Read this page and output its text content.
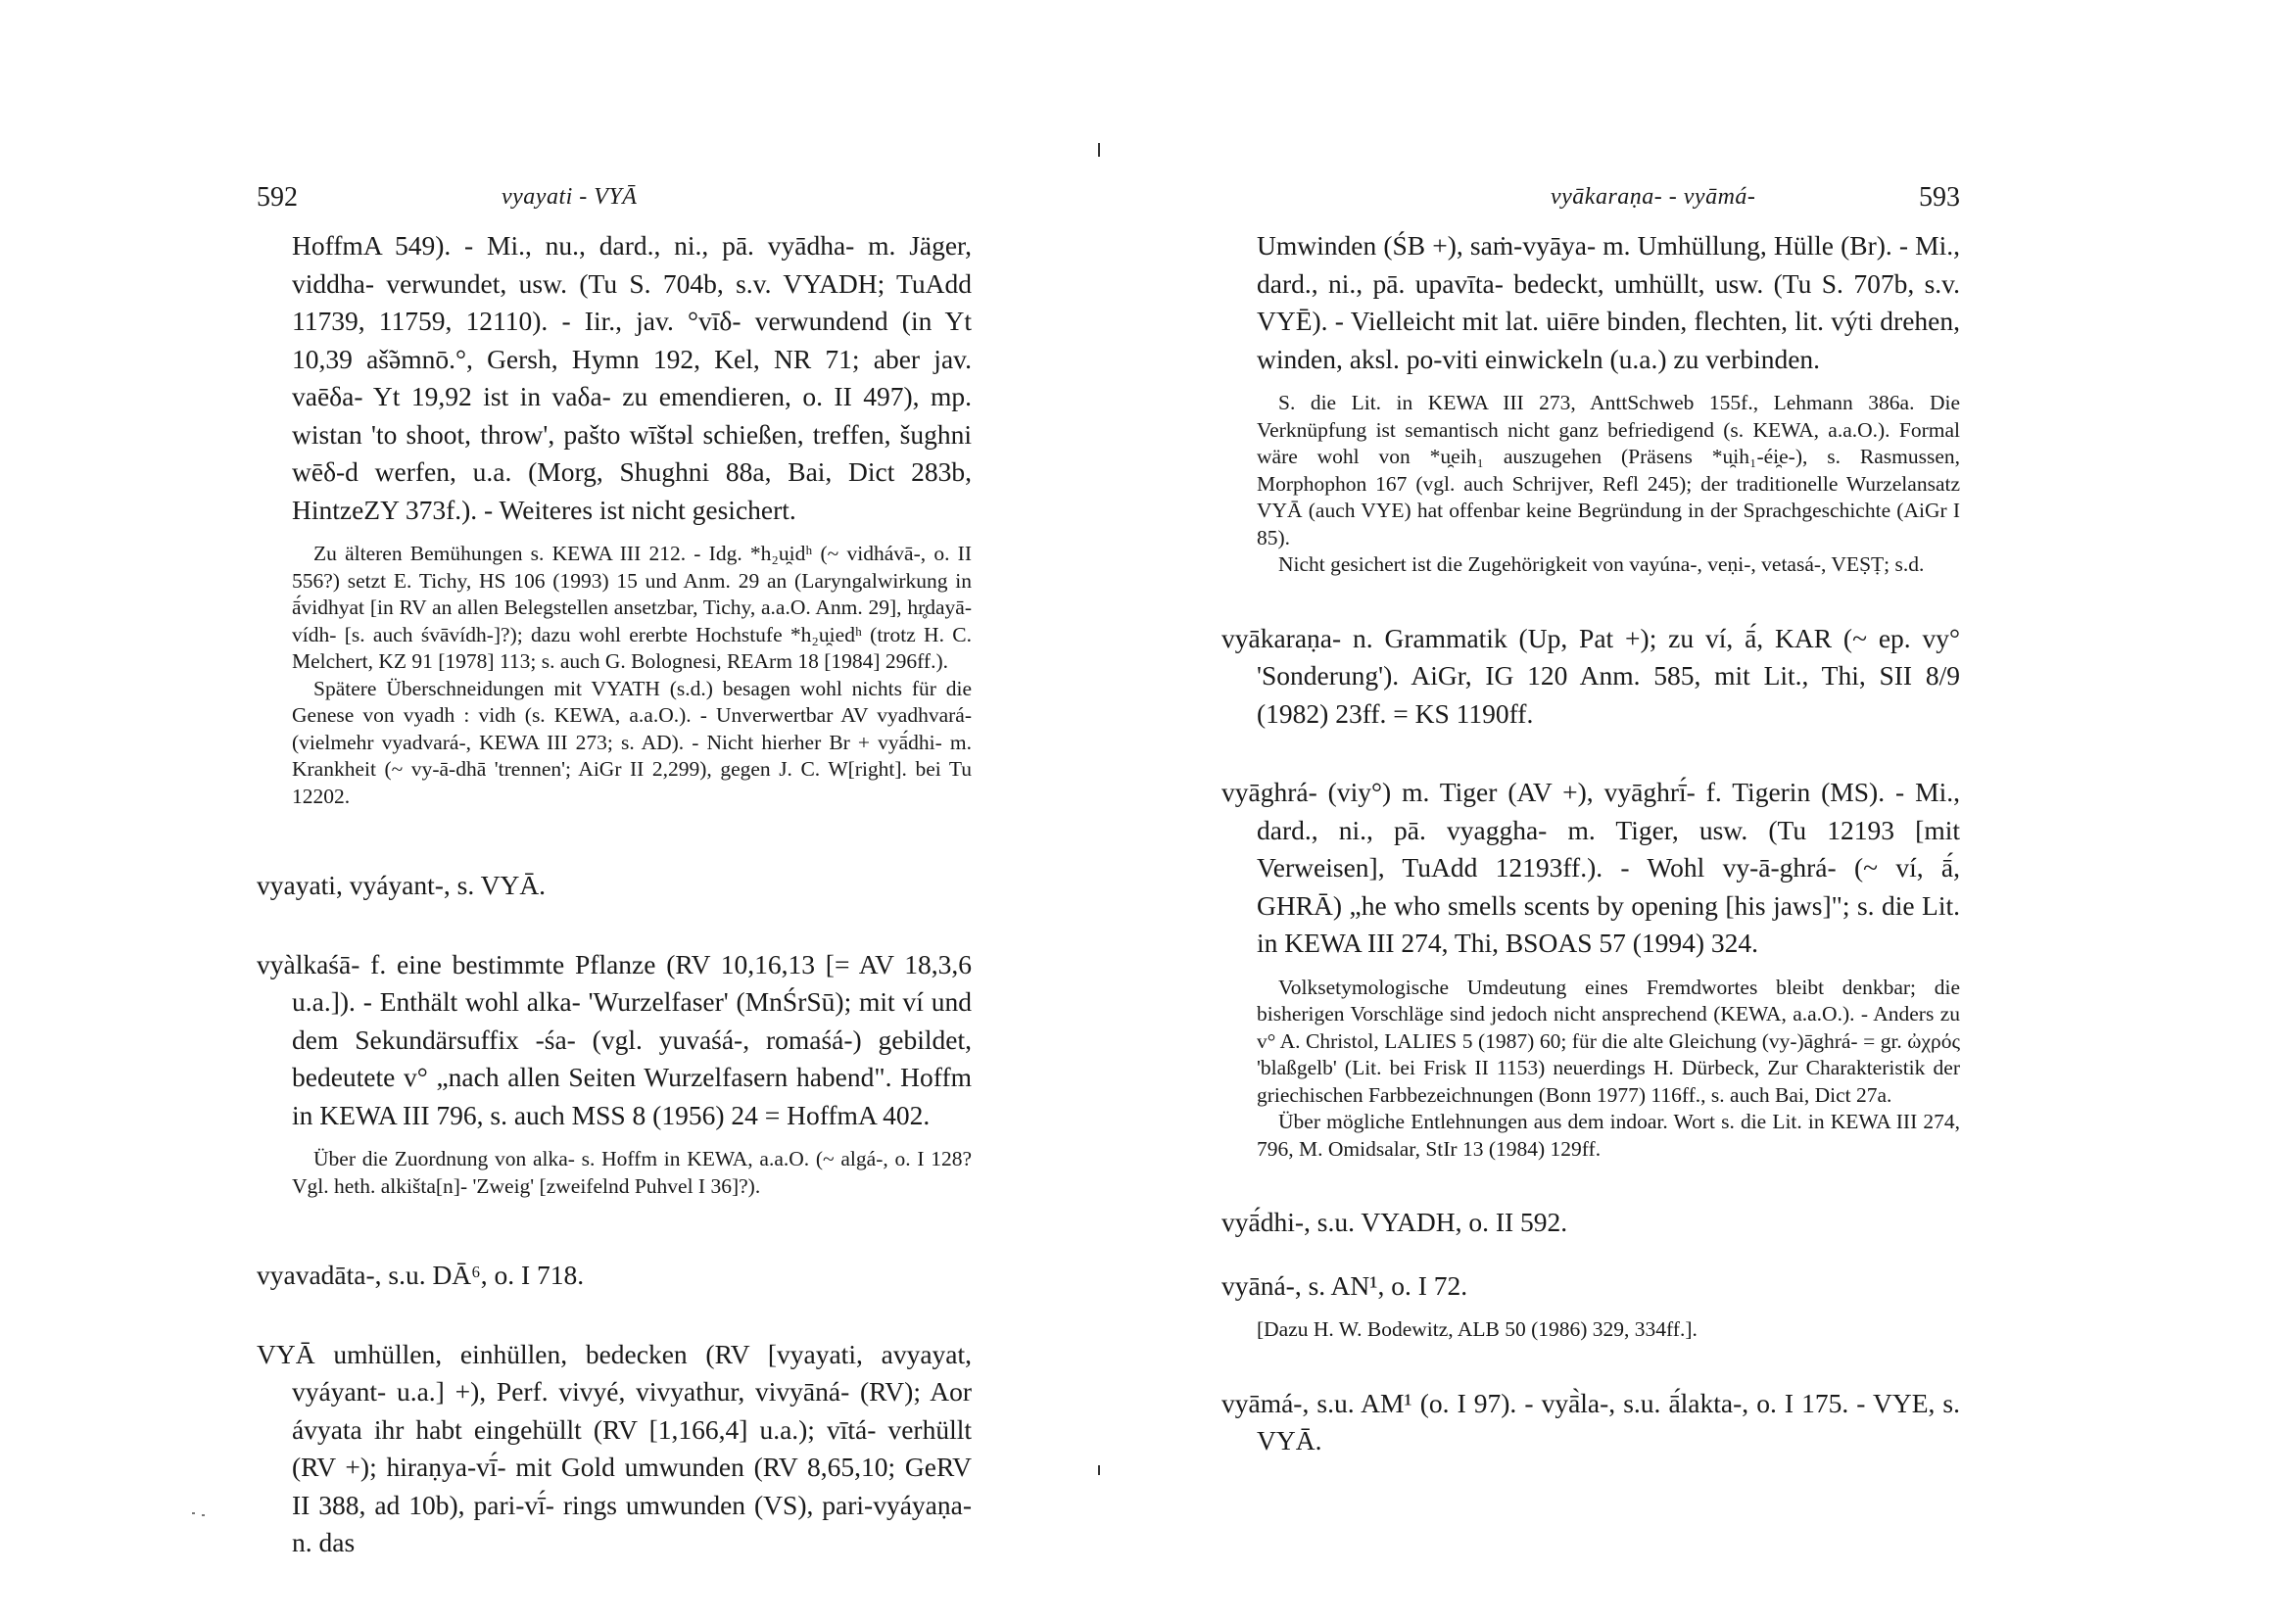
592	vyayati - VYĀ

HoffmA 549). - Mi., nu., dard., ni., pā. vyādha- m. Jäger, viddha- verwundet, usw. (Tu S. 704b, s.v. VYADH; TuAdd 11739, 11759, 12110). - Iir., jav. °vīδ- verwundend (in Yt 10,39 aš̃əmnō.°, Gersh, Hymn 192, Kel, NR 71; aber jav. vaēδa- Yt 19,92 ist in vaδa- zu emendieren, o. II 497), mp. wistan 'to shoot, throw', pašto wīštəl schießen, treffen, šughni wēδ-d werfen, u.a. (Morg, Shughni 88a, Bai, Dict 283b, HintzeZY 373f.). - Weiteres ist nicht gesichert.

Zu älteren Bemühungen s. KEWA III 212. - Idg. *h₂u̯idʰ (~ vidhávā-, o. II 556?) setzt E. Tichy, HS 106 (1993) 15 und Anm. 29 an (Laryngalwirkung in ā́vidhyat [in RV an allen Belegstellen ansetzbar, Tichy, a.a.O. Anm. 29], hr̥dayā-vídh- [s. auch śvāvídh-]?); dazu wohl ererbte Hochstufe *h₂u̯iedʰ (trotz H. C. Melchert, KZ 91 [1978] 113; s. auch G. Bolognesi, REArm 18 [1984] 296ff.).

Spätere Überschneidungen mit VYATH (s.d.) besagen wohl nichts für die Genese von vyadh : vidh (s. KEWA, a.a.O.). - Unverwertbar AV vyadhvará- (vielmehr vyadvará-, KEWA III 273; s. AD). - Nicht hierher Br + vyā́dhi- m. Krankheit (~ vy-ā-dhā 'trennen'; AiGr II 2,299), gegen J. C. W[right]. bei Tu 12202.

vyayati, vyáyant-, s. VYĀ.

vyàlkaśā- f. eine bestimmte Pflanze (RV 10,16,13 [= AV 18,3,6 u.a.]). - Enthält wohl alka- 'Wurzelfaser' (MnŚrSū); mit ví und dem Sekundärsuffix -śa- (vgl. yuvaśá-, romaśá-) gebildet, bedeutete v° „nach allen Seiten Wurzelfasern habend". Hoffm in KEWA III 796, s. auch MSS 8 (1956) 24 = HoffmA 402.

Über die Zuordnung von alka- s. Hoffm in KEWA, a.a.O. (~ algá-, o. I 128? Vgl. heth. alkišta[n]- 'Zweig' [zweifelnd Puhvel I 36]?).

vyavadāta-, s.u. DĀ⁶, o. I 718.

VYĀ umhüllen, einhüllen, bedecken (RV [vyayati, avyayat, vyáyant- u.a.] +), Perf. vivyé, vivyathur, vivyāná- (RV); Aor ávyata ihr habt eingehüllt (RV [1,166,4] u.a.); vītá- verhüllt (RV +); hiraṇya-vī́- mit Gold umwunden (RV 8,65,10; GeRV II 388, ad 10b), pari-vī́- rings umwunden (VS), pari-vyáyaṇa- n. das

vyākaraṇa- - vyāmá-	593

Umwinden (ŚB +), saṁ-vyāya- m. Umhüllung, Hülle (Br). - Mi., dard., ni., pā. upavīta- bedeckt, umhüllt, usw. (Tu S. 707b, s.v. VYĒ). - Vielleicht mit lat. uiēre binden, flechten, lit. výti drehen, winden, aksl. po-viti einwickeln (u.a.) zu verbinden.

S. die Lit. in KEWA III 273, AnttSchweb 155f., Lehmann 386a. Die Verknüpfung ist semantisch nicht ganz befriedigend (s. KEWA, a.a.O.). Formal wäre wohl von *u̯eih₁ auszugehen (Präsens *u̯ih₁-éi̯e-), s. Rasmussen, Morphophon 167 (vgl. auch Schrijver, Refl 245); der traditionelle Wurzelansatz VYĀ (auch VYE) hat offenbar keine Begründung in der Sprachgeschichte (AiGr I 85).

Nicht gesichert ist die Zugehörigkeit von vayúna-, veṇi-, vetasá-, VEṢṬ; s.d.

vyākaraṇa- n. Grammatik (Up, Pat +); zu ví, ā́, KAR (~ ep. vy° 'Sonderung'). AiGr, IG 120 Anm. 585, mit Lit., Thi, SII 8/9 (1982) 23ff. = KS 1190ff.

vyāghrá- (viy°) m. Tiger (AV +), vyāghrī́- f. Tigerin (MS). - Mi., dard., ni., pā. vyaggha- m. Tiger, usw. (Tu 12193 [mit Verweisen], TuAdd 12193ff.). - Wohl vy-ā-ghrá- (~ ví, ā́, GHRĀ) „he who smells scents by opening [his jaws]"; s. die Lit. in KEWA III 274, Thi, BSOAS 57 (1994) 324.

Volksetymologische Umdeutung eines Fremdwortes bleibt denkbar; die bisherigen Vorschläge sind jedoch nicht ansprechend (KEWA, a.a.O.). - Anders zu v° A. Christol, LALIES 5 (1987) 60; für die alte Gleichung (vy-)āghrá- = gr. ὠχρός 'blaßgelb' (Lit. bei Frisk II 1153) neuerdings H. Dürbeck, Zur Charakteristik der griechischen Farbbezeichnungen (Bonn 1977) 116ff., s. auch Bai, Dict 27a.

Über mögliche Entlehnungen aus dem indoar. Wort s. die Lit. in KEWA III 274, 796, M. Omidsalar, StIr 13 (1984) 129ff.

vyā́dhi-, s.u. VYADH, o. II 592.

vyāná-, s. AN¹, o. I 72.

[Dazu H. W. Bodewitz, ALB 50 (1986) 329, 334ff.].

vyāmá-, s.u. AM¹ (o. I 97). - vyā̀la-, s.u. ā́lakta-, o. I 175. - VYE, s. VYĀ.
